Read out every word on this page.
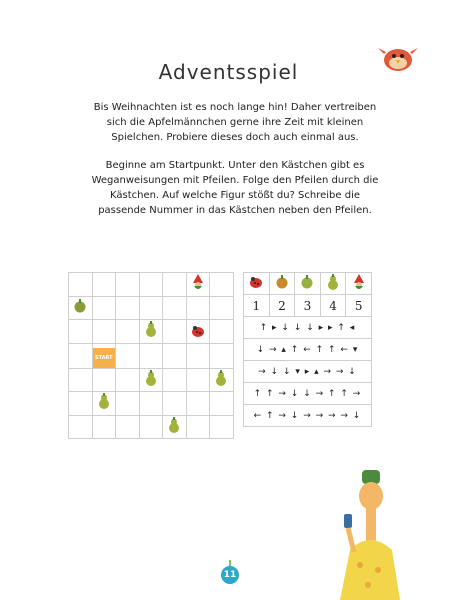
Adventsspiel
Bis Weihnachten ist es noch lange hin! Daher vertreiben sich die Apfelmännchen gerne ihre Zeit mit kleinen Spielchen. Probiere dieses doch auch einmal aus.
Beginne am Startpunkt. Unter den Kästchen gibt es Weganweisungen mit Pfeilen. Folge den Pfeilen durch die Kästchen. Auf welche Figur stößt du? Schreibe die passende Nummer in das Kästchen neben den Pfeilen.

	START					

1	2	3	4	5
↑ ▸ ↓ ↓ ↓ ▸ ▸ ↑ ◂				
↓ → ▴ ↑ ← ↑ ↑ ← ▾				
→ ↓ ↓ ▾ ▸ ▴ → → ↓				
↑ ↑ → ↓ ↓ → ↑ ↑ →				
← ↑ → ↓ → → → → ↓				
11
